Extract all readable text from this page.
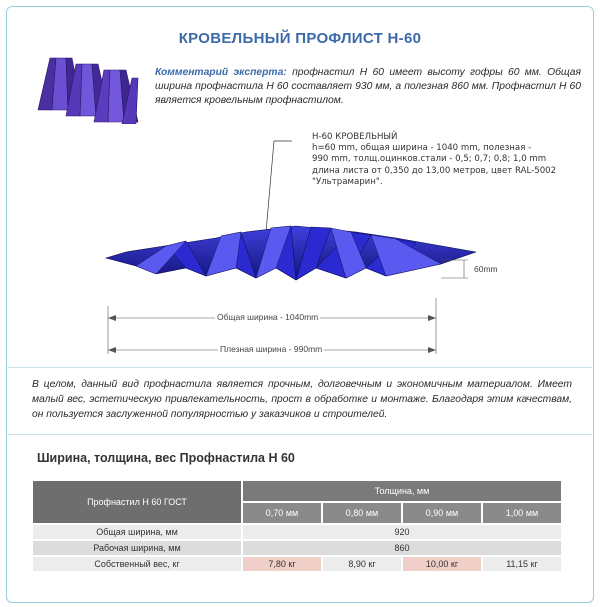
КРОВЕЛЬНЫЙ ПРОФЛИСТ Н-60
Комментарий эксперта: профнастил Н 60 имеет высоту гофры 60 мм. Общая ширина профнастила Н 60 составляет 930 мм, а полезная 860 мм. Профнастил Н 60 является кровельным профнастилом.
Н-60 КРОВЕЛЬНЫЙ
h=60 mm, общая ширина - 1040 mm, полезная -
990 mm, толщ.оцинков.стали - 0,5; 0,7; 0,8; 1,0 mm
длина листа от 0,350 до 13,00 метров, цвет RAL-5002
"Ультрамарин".
60mm
Общая ширина - 1040mm
Плезная ширина - 990mm
В целом, данный вид профнастила является прочным, долговечным и экономичным материалом. Имеет малый вес, эстетическую привлекательность, прост в обработке и монтаже. Благодаря этим качествам, он пользуется заслуженной популярностью у заказчиков и строителей.
Ширина, толщина, вес Профнастила Н 60
Профнастил Н 60 ГОСТ	Толщина, мм			
	0,70 мм	0,80 мм	0,90 мм	1,00 мм
Общая ширина, мм	920			
Рабочая ширина, мм	860			
Собственный вес, кг	7,80 кг	8,90 кг	10,00 кг	11,15 кг
